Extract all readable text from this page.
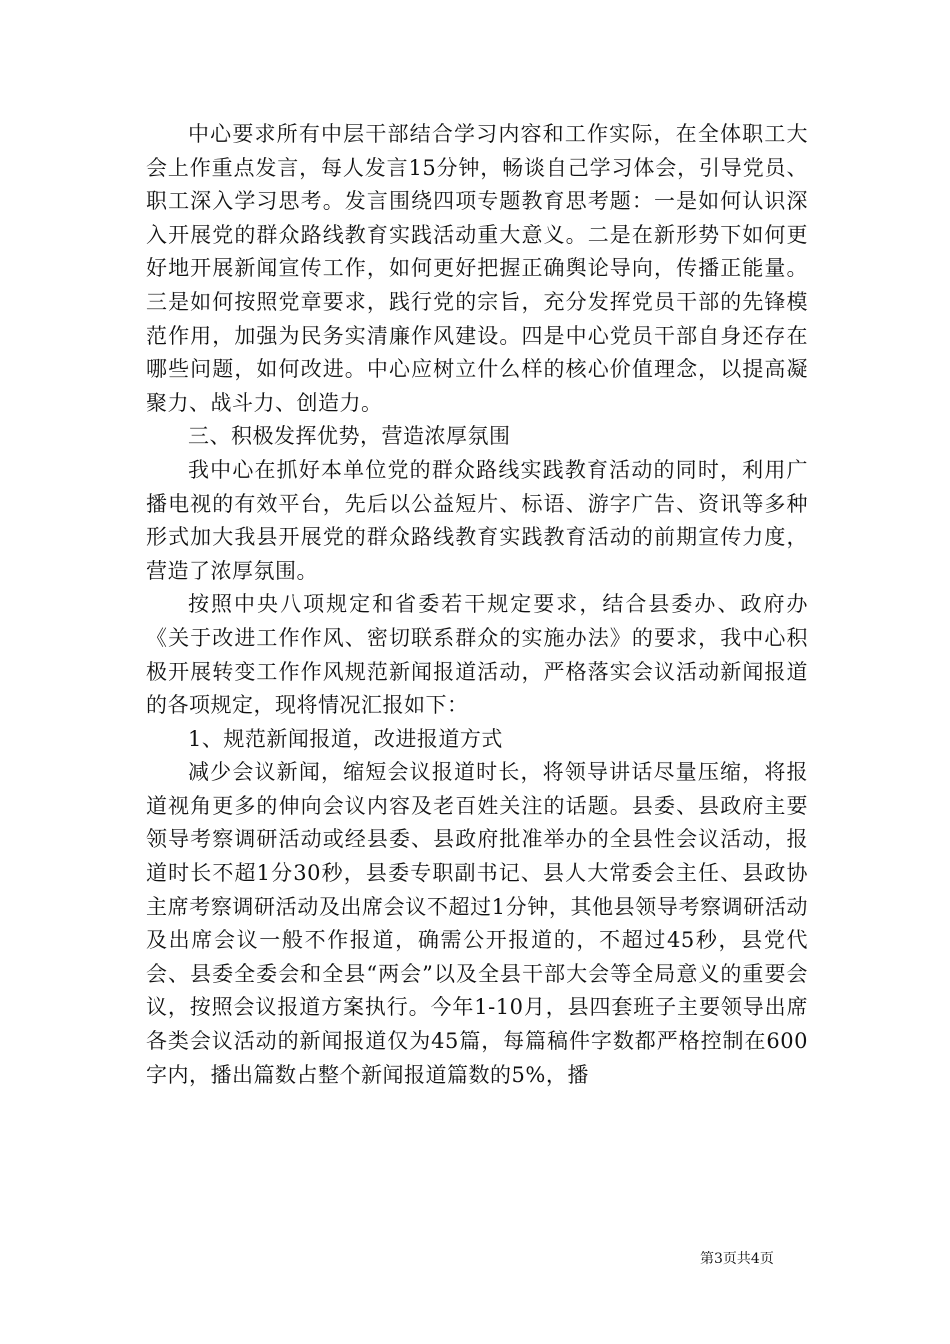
中心要求所有中层干部结合学习内容和工作实际，在全体职工大会上作重点发言，每人发言15分钟，畅谈自己学习体会，引导党员、职工深入学习思考。发言围绕四项专题教育思考题：一是如何认识深入开展党的群众路线教育实践活动重大意义。二是在新形势下如何更好地开展新闻宣传工作，如何更好把握正确舆论导向，传播正能量。三是如何按照党章要求，践行党的宗旨，充分发挥党员干部的先锋模范作用，加强为民务实清廉作风建设。四是中心党员干部自身还存在哪些问题，如何改进。中心应树立什么样的核心价值理念，以提高凝聚力、战斗力、创造力。

三、积极发挥优势，营造浓厚氛围

我中心在抓好本单位党的群众路线实践教育活动的同时，利用广播电视的有效平台，先后以公益短片、标语、游字广告、资讯等多种形式加大我县开展党的群众路线教育实践教育活动的前期宣传力度，营造了浓厚氛围。

按照中央八项规定和省委若干规定要求，结合县委办、政府办《关于改进工作作风、密切联系群众的实施办法》的要求，我中心积极开展转变工作作风规范新闻报道活动，严格落实会议活动新闻报道的各项规定，现将情况汇报如下：

1、规范新闻报道，改进报道方式

减少会议新闻，缩短会议报道时长，将领导讲话尽量压缩，将报道视角更多的伸向会议内容及老百姓关注的话题。县委、县政府主要领导考察调研活动或经县委、县政府批准举办的全县性会议活动，报道时长不超1分30秒，县委专职副书记、县人大常委会主任、县政协主席考察调研活动及出席会议不超过1分钟，其他县领导考察调研活动及出席会议一般不作报道，确需公开报道的，不超过45秒，县党代会、县委全委会和全县“两会”以及全县干部大会等全局意义的重要会议，按照会议报道方案执行。今年1-10月，县四套班子主要领导出席各类会议活动的新闻报道仅为45篇，每篇稿件字数都严格控制在600字内，播出篇数占整个新闻报道篇数的5%，播

第3页共4页
